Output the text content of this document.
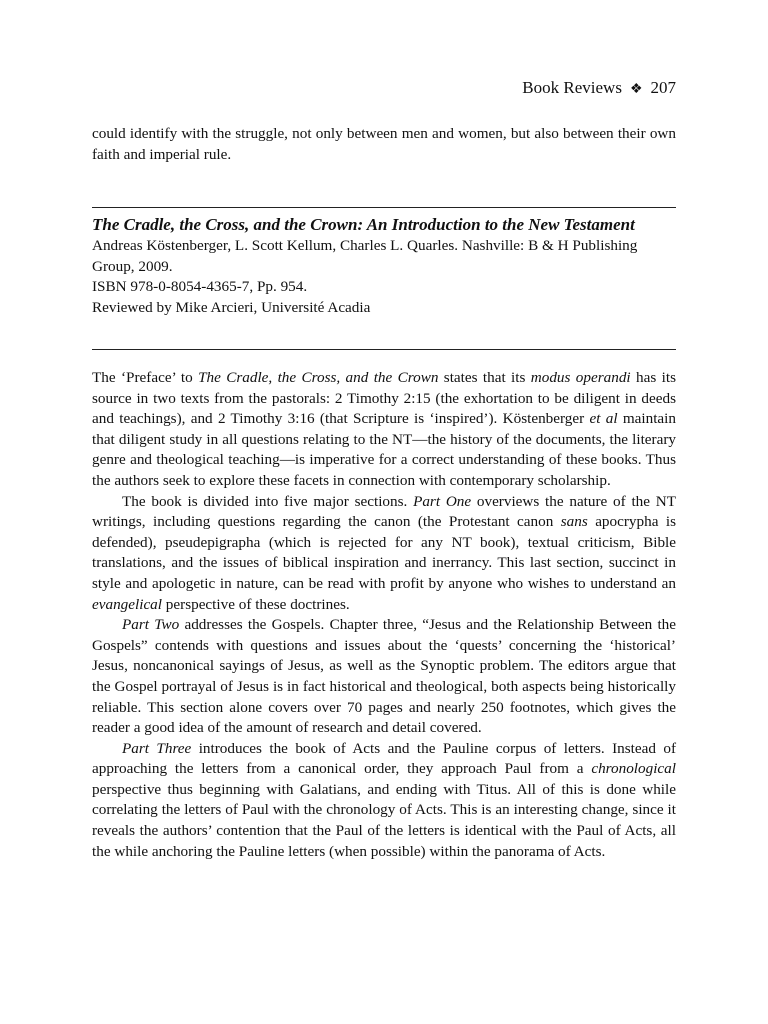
Book Reviews ❖ 207

could identify with the struggle, not only between men and women, but also between their own faith and imperial rule.

The Cradle, the Cross, and the Crown: An Introduction to the New Testament
Andreas Köstenberger, L. Scott Kellum, Charles L. Quarles. Nashville: B & H Publishing Group, 2009.
ISBN 978-0-8054-4365-7, Pp. 954.
Reviewed by Mike Arcieri, Université Acadia

The ‘Preface’ to The Cradle, the Cross, and the Crown states that its modus operandi has its source in two texts from the pastorals: 2 Timothy 2:15 (the exhortation to be diligent in deeds and teachings), and 2 Timothy 3:16 (that Scripture is ‘inspired’). Köstenberger et al maintain that diligent study in all questions relating to the NT—the history of the documents, the literary genre and theological teaching—is imperative for a correct understanding of these books. Thus the authors seek to explore these facets in connection with contemporary scholarship.

The book is divided into five major sections. Part One overviews the nature of the NT writings, including questions regarding the canon (the Protestant canon sans apocrypha is defended), pseudepigrapha (which is rejected for any NT book), textual criticism, Bible translations, and the issues of biblical inspiration and inerrancy. This last section, succinct in style and apologetic in nature, can be read with profit by anyone who wishes to understand an evangelical perspective of these doctrines.

Part Two addresses the Gospels. Chapter three, “Jesus and the Relationship Between the Gospels” contends with questions and issues about the ‘quests’ concerning the ‘historical’ Jesus, noncanonical sayings of Jesus, as well as the Synoptic problem. The editors argue that the Gospel portrayal of Jesus is in fact historical and theological, both aspects being historically reliable. This section alone covers over 70 pages and nearly 250 footnotes, which gives the reader a good idea of the amount of research and detail covered.

Part Three introduces the book of Acts and the Pauline corpus of letters. Instead of approaching the letters from a canonical order, they approach Paul from a chronological perspective thus beginning with Galatians, and ending with Titus. All of this is done while correlating the letters of Paul with the chronology of Acts. This is an interesting change, since it reveals the authors’ contention that the Paul of the letters is identical with the Paul of Acts, all the while anchoring the Pauline letters (when possible) within the panorama of Acts.
